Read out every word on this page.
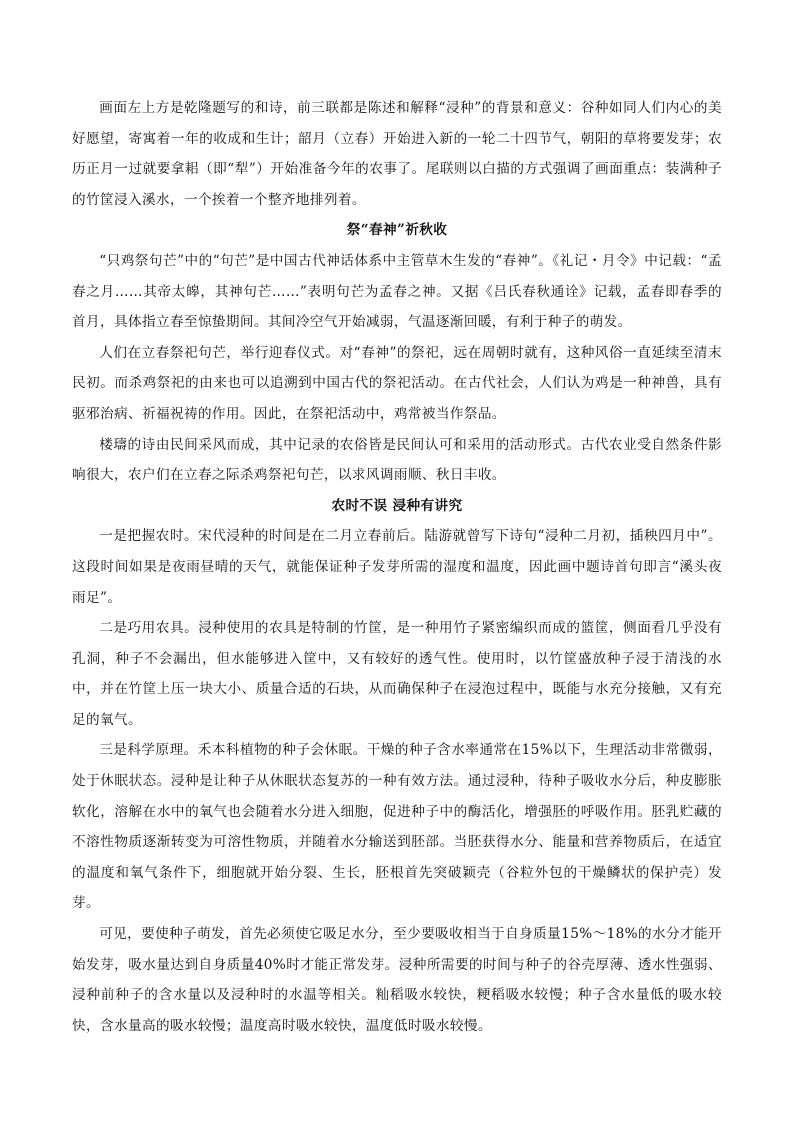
画面左上方是乾隆题写的和诗，前三联都是陈述和解释“浸种”的背景和意义：谷种如同人们内心的美好愿望，寄寓着一年的收成和生计；韶月（立春）开始进入新的一轮二十四节气，朝阳的草将要发芽；农历正月一过就要拿耜（即“犁”）开始准备今年的农事了。尾联则以白描的方式强调了画面重点：装满种子的竹筐浸入溪水，一个挨着一个整齐地排列着。

祭“春神”祈秋收

“只鸡祭句芒”中的“句芒”是中国古代神话体系中主管草木生发的“春神”。《礼记・月令》中记载：“孟春之月……其帝太皞，其神句芒……”表明句芒为孟春之神。又据《吕氏春秋通诠》记载，孟春即春季的首月，具体指立春至惊蛰期间。其间冷空气开始减弱，气温逐渐回暖，有利于种子的萌发。

人们在立春祭祀句芒，举行迎春仪式。对“春神”的祭祀，远在周朝时就有，这种风俗一直延续至清末民初。而杀鸡祭祀的由来也可以追溯到中国古代的祭祀活动。在古代社会，人们认为鸡是一种神兽，具有驱邪治病、祈福祝祷的作用。因此，在祭祀活动中，鸡常被当作祭品。

楼璹的诗由民间采风而成，其中记录的农俗皆是民间认可和采用的活动形式。古代农业受自然条件影响很大，农户们在立春之际杀鸡祭祀句芒，以求风调雨顺、秋日丰收。

农时不误 浸种有讲究

一是把握农时。宋代浸种的时间是在二月立春前后。陆游就曾写下诗句“浸种二月初，插秧四月中”。这段时间如果是夜雨昼晴的天气，就能保证种子发芽所需的湿度和温度，因此画中题诗首句即言“溪头夜雨足”。

二是巧用农具。浸种使用的农具是特制的竹筐，是一种用竹子紧密编织而成的篮筐，侧面看几乎没有孔洞，种子不会漏出，但水能够进入筐中，又有较好的透气性。使用时，以竹筐盛放种子浸于清浅的水中，并在竹筐上压一块大小、质量合适的石块，从而确保种子在浸泡过程中，既能与水充分接触，又有充足的氧气。

三是科学原理。禾本科植物的种子会休眠。干燥的种子含水率通常在15%以下，生理活动非常微弱，处于休眠状态。浸种是让种子从休眠状态复苏的一种有效方法。通过浸种，待种子吸收水分后，种皮膨胀软化，溶解在水中的氧气也会随着水分进入细胞，促进种子中的酶活化，增强胚的呼吸作用。胚乳贮藏的不溶性物质逐渐转变为可溶性物质，并随着水分输送到胚部。当胚获得水分、能量和营养物质后，在适宜的温度和氧气条件下，细胞就开始分裂、生长，胚根首先突破颖壳（谷粒外包的干燥鳞状的保护壳）发芽。

可见，要使种子萌发，首先必须使它吸足水分，至少要吸收相当于自身质量15%～18%的水分才能开始发芽，吸水量达到自身质量40%时才能正常发芽。浸种所需要的时间与种子的谷壳厚薄、透水性强弱、浸种前种子的含水量以及浸种时的水温等相关。籼稻吸水较快，粳稻吸水较慢；种子含水量低的吸水较快，含水量高的吸水较慢；温度高时吸水较快，温度低时吸水较慢。
